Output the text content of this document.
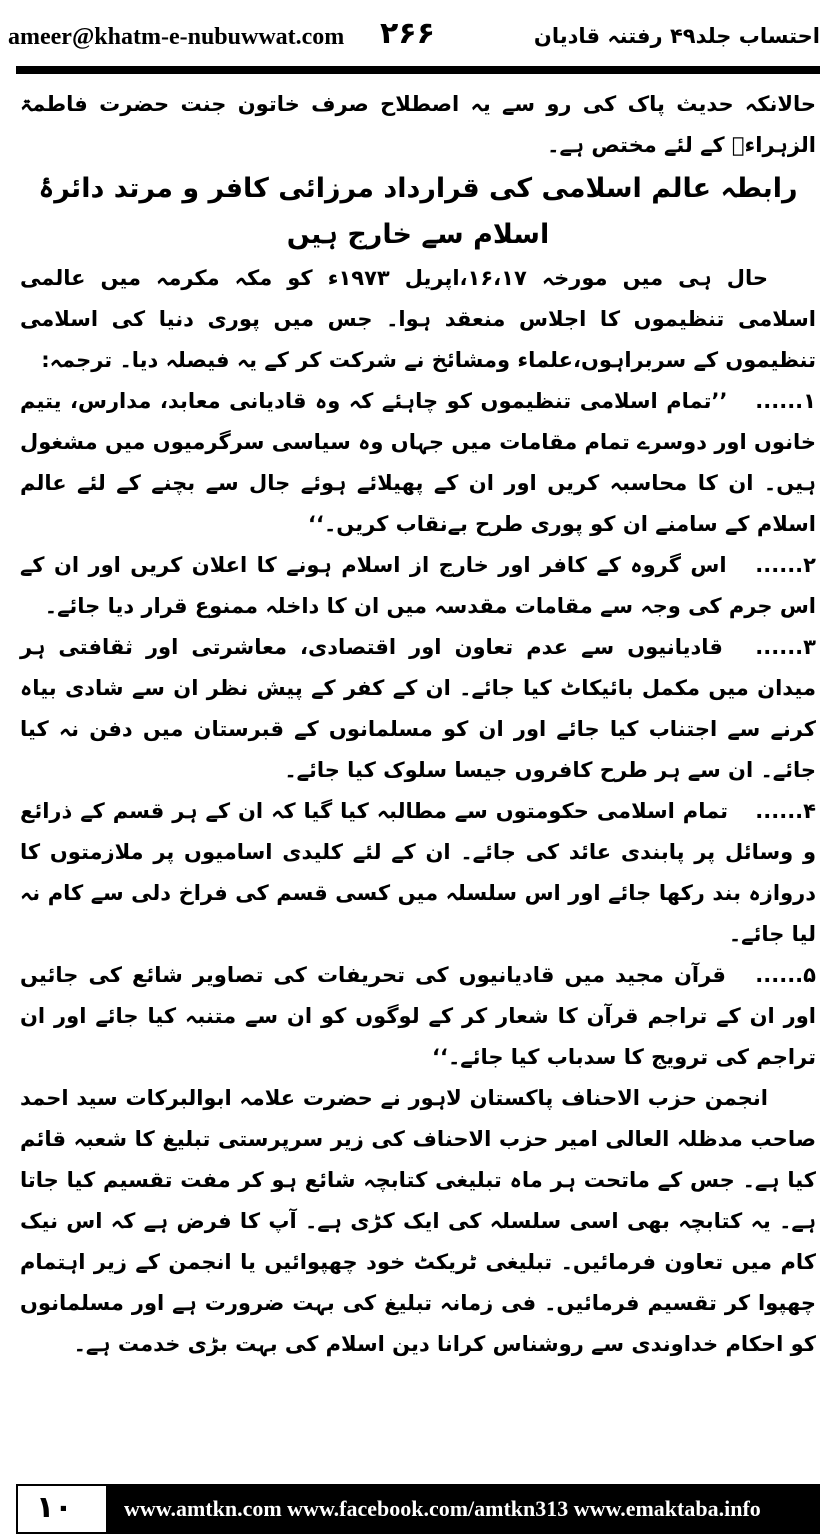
ameer@khatm-e-nubuwwat.com ۲۶۶	احتساب جلد۴۹ رفتنہ قادیان

حالانکہ حدیث پاک کی رو سے یہ اصطلاح صرف خاتون جنت حضرت فاطمۃ الزہراءؓ کے لئے مختص ہے۔

رابطہ عالم اسلامی کی قرارداد مرزائی کافر و مرتد دائرۂ اسلام سے خارج ہیں

حال ہی میں مورخہ ۱۶،۱۷،اپریل ۱۹۷۳ء کو مکہ مکرمہ میں عالمی اسلامی تنظیموں کا اجلاس منعقد ہوا۔ جس میں پوری دنیا کی اسلامی تنظیموں کے سربراہوں،علماء ومشائخ نے شرکت کر کے یہ فیصلہ دیا۔ ترجمہ:

۱...... ’’تمام اسلامی تنظیموں کو چاہئے کہ وہ قادیانی معابد، مدارس، یتیم خانوں اور دوسرے تمام مقامات میں جہاں وہ سیاسی سرگرمیوں میں مشغول ہیں۔ ان کا محاسبہ کریں اور ان کے پھیلائے ہوئے جال سے بچنے کے لئے عالم اسلام کے سامنے ان کو پوری طرح بےنقاب کریں۔‘‘

۲...... اس گروہ کے کافر اور خارج از اسلام ہونے کا اعلان کریں اور ان کے اس جرم کی وجہ سے مقامات مقدسہ میں ان کا داخلہ ممنوع قرار دیا جائے۔

۳...... قادیانیوں سے عدم تعاون اور اقتصادی، معاشرتی اور ثقافتی ہر میدان میں مکمل بائیکاٹ کیا جائے۔ ان کے کفر کے پیش نظر ان سے شادی بیاہ کرنے سے اجتناب کیا جائے اور ان کو مسلمانوں کے قبرستان میں دفن نہ کیا جائے۔ ان سے ہر طرح کافروں جیسا سلوک کیا جائے۔

۴...... تمام اسلامی حکومتوں سے مطالبہ کیا گیا کہ ان کے ہر قسم کے ذرائع و وسائل پر پابندی عائد کی جائے۔ ان کے لئے کلیدی اسامیوں پر ملازمتوں کا دروازہ بند رکھا جائے اور اس سلسلہ میں کسی قسم کی فراخ دلی سے کام نہ لیا جائے۔

۵...... قرآن مجید میں قادیانیوں کی تحریفات کی تصاویر شائع کی جائیں اور ان کے تراجم قرآن کا شعار کر کے لوگوں کو ان سے متنبہ کیا جائے اور ان تراجم کی ترویج کا سدباب کیا جائے۔‘‘

انجمن حزب الاحناف پاکستان لاہور نے حضرت علامہ ابوالبرکات سید احمد صاحب مدظلہ العالی امیر حزب الاحناف کی زیر سرپرستی تبلیغ کا شعبہ قائم کیا ہے۔ جس کے ماتحت ہر ماہ تبلیغی کتابچہ شائع ہو کر مفت تقسیم کیا جاتا ہے۔ یہ کتابچہ بھی اسی سلسلہ کی ایک کڑی ہے۔ آپ کا فرض ہے کہ اس نیک کام میں تعاون فرمائیں۔ تبلیغی ٹریکٹ خود چھپوائیں یا انجمن کے زیر اہتمام چھپوا کر تقسیم فرمائیں۔ فی زمانہ تبلیغ کی بہت ضرورت ہے اور مسلمانوں کو احکام خداوندی سے روشناس کرانا دین اسلام کی بہت بڑی خدمت ہے۔

۱۰ www.amtkn.com www.facebook.com/amtkn313 www.emaktaba.info
